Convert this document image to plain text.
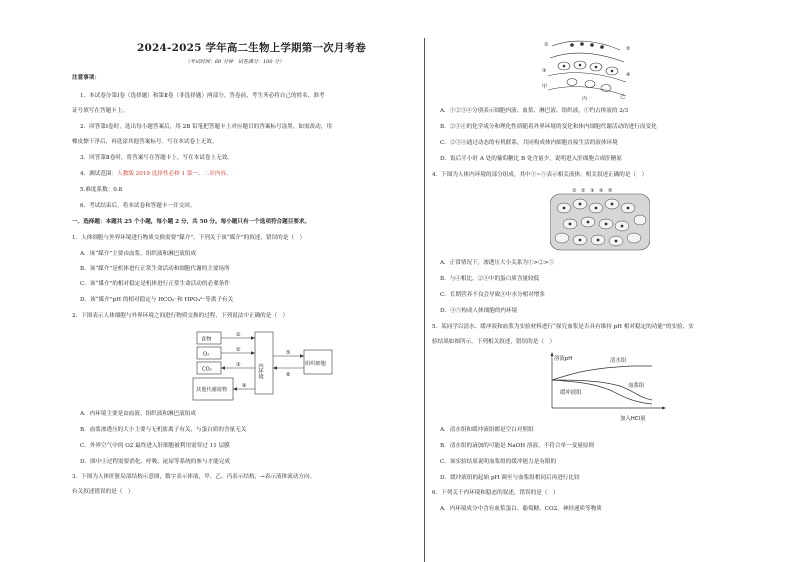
2024-2025 学年高二生物上学期第一次月考卷
（考试时间：60 分钟　试卷满分：100 分）
注意事项：
1．本试卷分第Ⅰ卷（选择题）和第Ⅱ卷（非选择题）两部分。答卷前，考生务必将自己的姓名、准考
证号填写在答题卡上。
2．回答第Ⅰ卷时，选出每小题答案后，用 2B 铅笔把答题卡上对应题目的答案标号涂黑。如需改动，用
橡皮擦干净后，再选涂其他答案标号。写在本试卷上无效。
3．回答第Ⅱ卷时，将答案写在答题卡上。写在本试卷上无效。
4．测试范围：人教版 2019 选择性必修 1 第一、二章内容。
5.难度系数：0.8
6．考试结束后，将本试卷和答题卡一并交回。
一、选择题：本题共 25 个小题，每小题 2 分，共 50 分。每小题只有一个选项符合题目要求。
1．人体细胞与外界环境进行物质交换需要“媒介”。下列关于该“媒介”的叙述，错误的是（　）
A．该“媒介”主要由血浆、组织液和淋巴液组成
B．该“媒介”是机体进行正常生命活动和细胞代谢的主要场所
C．该“媒介”的相对稳定是机体进行正常生命活动的必要条件
D．该“媒介”pH 的相对稳定与 HCO₃⁻和 HPO₄²⁻等离子有关
2．下图表示人体细胞与外界环境之间进行物质交换的过程，下列说法中正确的是（　）
食物
O₂
CO₂
其他代谢废物
组织细胞
①
②
③
④
⑤
⑥
内环境
A．内环境主要是由血液、组织液和淋巴液组成
B．血浆渗透压的大小主要与无机盐离子有关，与蛋白质的含量无关
C．外界空气中的 O2 最终进入肝细胞被利用需穿过 11 层膜
D．图中④过程需要消化、呼吸、泌尿等系统的参与才能完成
3．下图为人体肝脏局部结构示意图，数字表示体液，甲、乙、丙表示结构，→表示液体流动方向。
有关叙述错误的是（　）
①
②
③
④
甲
乙
丙
A．①②③④分别表示细胞内液、血浆、淋巴液、组织液，①约占体液的 2/3
B．②③④的化学成分和理化性质随着外界环境的变化和体内细胞代谢活动的进行而变化
C．②③④通过动态的有机联系，共同构成体内细胞直接生活的液体环境
D．饭后半小时 A 处的葡萄糖比 B 处含量少，说明进入肝细胞合成肝糖原
4．下图为人体内环境的部分组成，其中①~⑤表示相关液体。相关叙述正确的是（　）
① ② ③ ④ ⑤
A．正常情况下，渗透压大小关系为①>②>⑤
B．与④相比，②④中的蛋白质含量较低
C．长期营养不良会导致④中水分相对增多
D．④⑤构成人体细胞的内环境
5．某同学以清水、缓冲液和血浆为实验材料进行“探究血浆是否具有维持 pH 相对稳定的功能”的实验，实
验结果如图所示。下列相关叙述，错误的是（　）
溶液pH
加入HCl量
清水组
血浆组
缓冲液组
A．清水组和缓冲液组都是空白对照组
B．清水组的滴加的可能是 NaOH 溶液，不符合单一变量原则
C．该实验结果说明血浆组的缓冲能力是有限的
D．缓冲液组的起始 pH 调至与血浆组相同后再进行比较
6．下列关于内环境和稳态的叙述，错误的是（　）
A．内环境成分中含有血浆蛋白、葡萄糖、CO2、神经递质等物质
